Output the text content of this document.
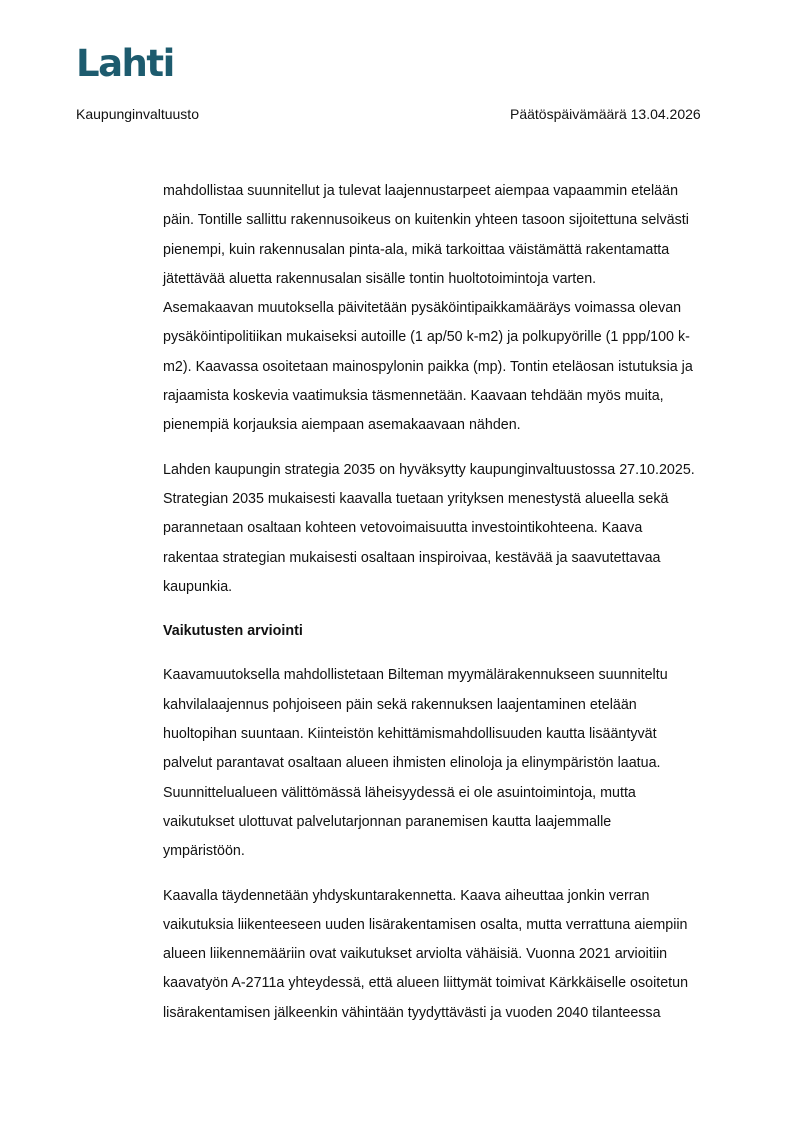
Lahti
Kaupunginvaltuusto	Päätöspäivämäärä 13.04.2026

mahdollistaa suunnitellut ja tulevat laajennustarpeet aiempaa vapaammin etelään
päin. Tontille sallittu rakennusoikeus on kuitenkin yhteen tasoon sijoitettuna selvästi
pienempi, kuin rakennusalan pinta-ala, mikä tarkoittaa väistämättä rakentamatta
jätettävää aluetta rakennusalan sisälle tontin huoltotoimintoja varten.
Asemakaavan muutoksella päivitetään pysäköintipaikkamääräys voimassa olevan
pysäköintipolitiikan mukaiseksi autoille (1 ap/50 k-m2) ja polkupyörille (1 ppp/100 k-
m2). Kaavassa osoitetaan mainospylonin paikka (mp). Tontin eteläosan istutuksia ja
rajaamista koskevia vaatimuksia täsmennetään. Kaavaan tehdään myös muita,
pienempiä korjauksia aiempaan asemakaavaan nähden.

Lahden kaupungin strategia 2035 on hyväksytty kaupunginvaltuustossa 27.10.2025.
Strategian 2035 mukaisesti kaavalla tuetaan yrityksen menestystä alueella sekä
parannetaan osaltaan kohteen vetovoimaisuutta investointikohteena. Kaava
rakentaa strategian mukaisesti osaltaan inspiroivaa, kestävää ja saavutettavaa
kaupunkia.

Vaikutusten arviointi

Kaavamuutoksella mahdollistetaan Bilteman myymälärakennukseen suunniteltu
kahvilalaajennus pohjoiseen päin sekä rakennuksen laajentaminen etelään
huoltopihan suuntaan. Kiinteistön kehittämismahdollisuuden kautta lisääntyvät
palvelut parantavat osaltaan alueen ihmisten elinoloja ja elinympäristön laatua.
Suunnittelualueen välittömässä läheisyydessä ei ole asuintoimintoja, mutta
vaikutukset ulottuvat palvelutarjonnan paranemisen kautta laajemmalle
ympäristöön.

Kaavalla täydennetään yhdyskuntarakennetta. Kaava aiheuttaa jonkin verran
vaikutuksia liikenteeseen uuden lisärakentamisen osalta, mutta verrattuna aiempiin
alueen liikennemääriin ovat vaikutukset arviolta vähäisiä. Vuonna 2021 arvioitiin
kaavatyön A-2711a yhteydessä, että alueen liittymät toimivat Kärkkäiselle osoitetun
lisärakentamisen jälkeenkin vähintään tyydyttävästi ja vuoden 2040 tilanteessa
